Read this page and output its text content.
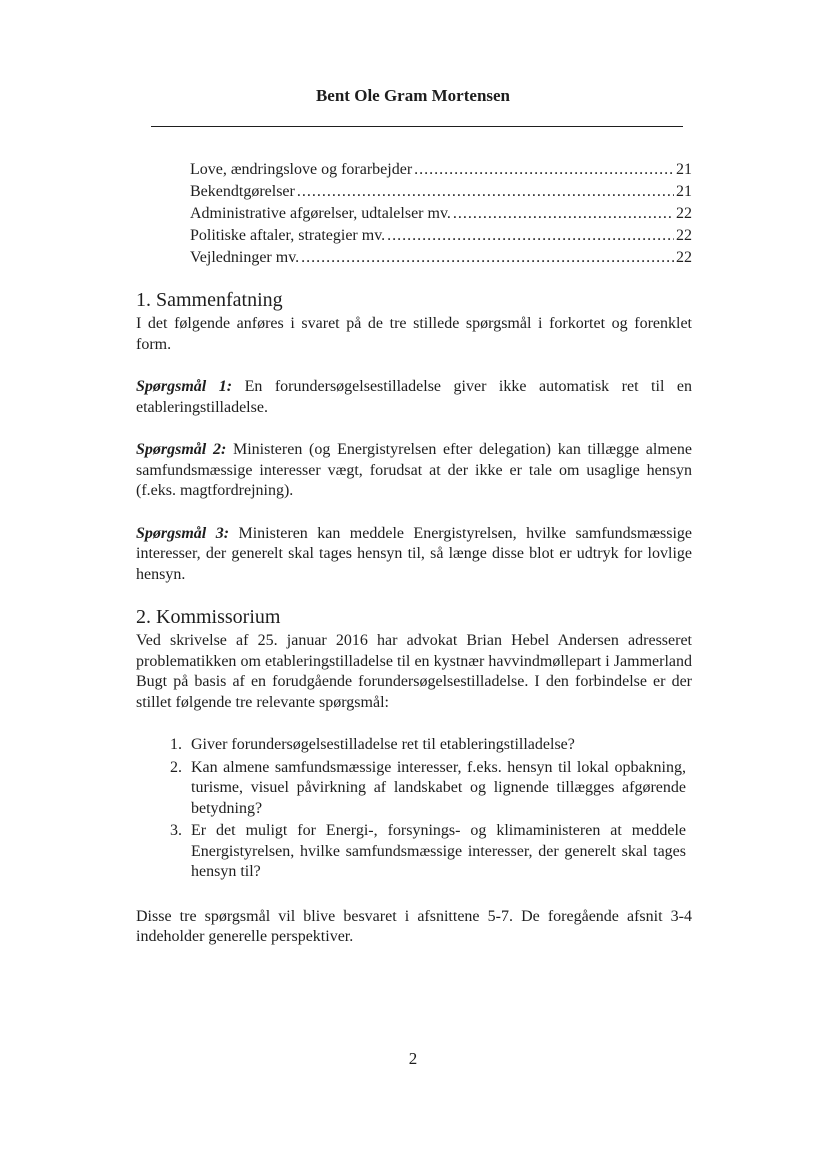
Bent Ole Gram Mortensen
Love, ændringslove og forarbejder .....	21
Bekendtgørelser .....	21
Administrative afgørelser, udtalelser mv. .....	22
Politiske aftaler, strategier mv. .....	22
Vejledninger mv. .....	22
1. Sammenfatning

I det følgende anføres i svaret på de tre stillede spørgsmål i forkortet og forenklet form.

Spørgsmål 1: En forundersøgelsestilladelse giver ikke automatisk ret til en etableringstilladelse.

Spørgsmål 2: Ministeren (og Energistyrelsen efter delegation) kan tillægge almene samfundsmæssige interesser vægt, forudsat at der ikke er tale om usaglige hensyn (f.eks. magtfordrejning).

Spørgsmål 3: Ministeren kan meddele Energistyrelsen, hvilke samfundsmæssige interesser, der generelt skal tages hensyn til, så længe disse blot er udtryk for lovlige hensyn.

2. Kommissorium

Ved skrivelse af 25. januar 2016 har advokat Brian Hebel Andersen adresseret problematikken om etableringstilladelse til en kystnær havvindmøllepart i Jammerland Bugt på basis af en forudgående forundersøgelsestilladelse. I den forbindelse er der stillet følgende tre relevante spørgsmål:

1. Giver forundersøgelsestilladelse ret til etableringstilladelse?
2. Kan almene samfundsmæssige interesser, f.eks. hensyn til lokal opbakning, turisme, visuel påvirkning af landskabet og lignende tillægges afgørende betydning?
3. Er det muligt for Energi-, forsynings- og klimaministeren at meddele Energistyrelsen, hvilke samfundsmæssige interesser, der generelt skal tages hensyn til?

Disse tre spørgsmål vil blive besvaret i afsnittene 5-7. De foregående afsnit 3-4 indeholder generelle perspektiver.

2
